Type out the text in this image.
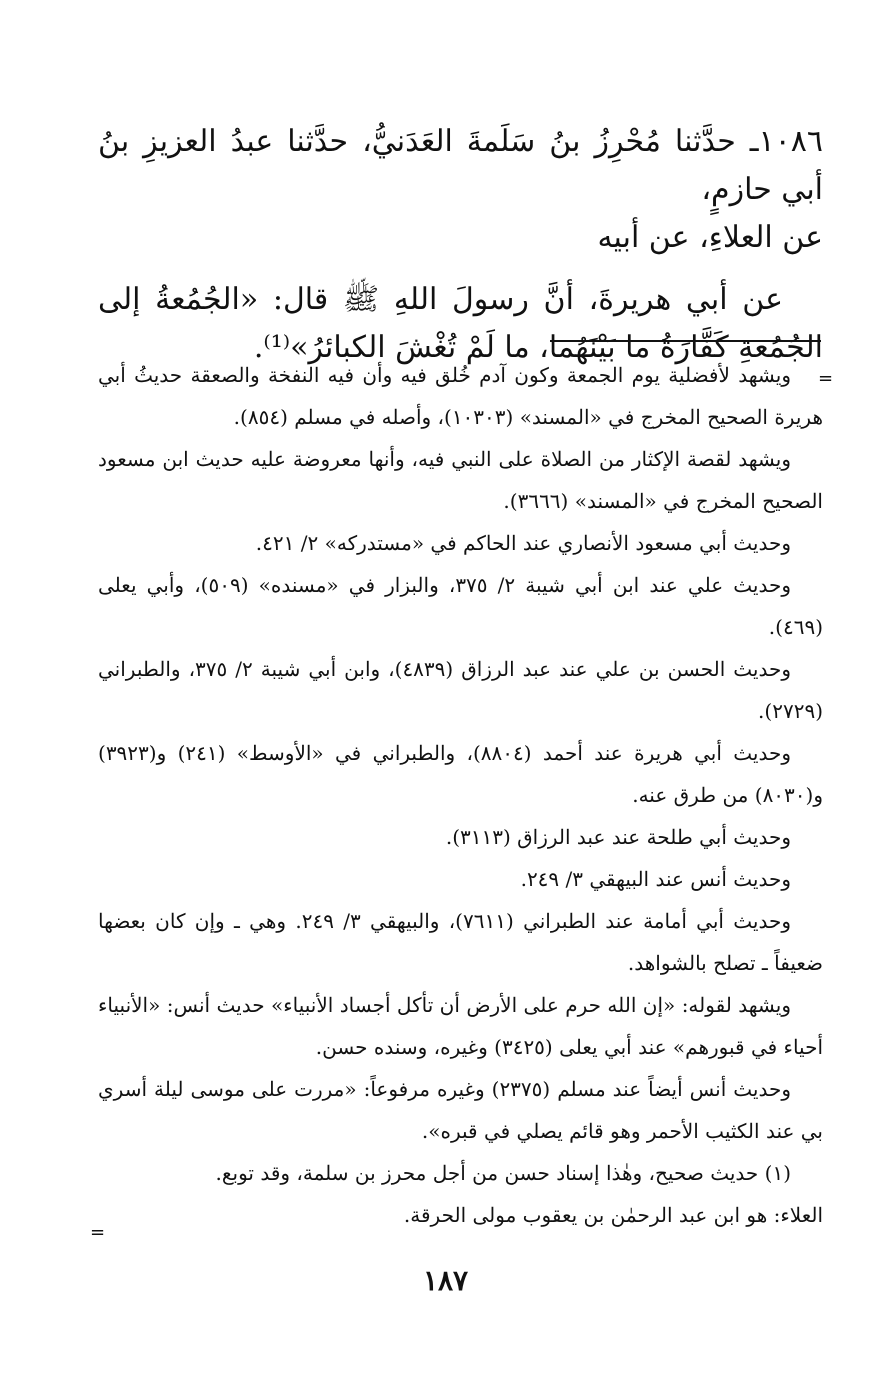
١٠٨٦ـ حدَّثنا مُحْرِزُ بنُ سَلَمةَ العَدَنيُّ، حدَّثنا عبدُ العزيزِ بنُ أبي حازمٍ،
عن العلاءِ، عن أبيه

عن أبي هريرةَ، أنَّ رسولَ اللهِ ﷺ قال: «الجُمُعةُ إلى الجُمُعةِ كَفَّارَةُ ما بَيْنَهُما، ما لَمْ تُغْشَ الكبائرُ»⁽¹⁾.

=

ويشهد لأفضلية يوم الجمعة وكون آدم خُلق فيه وأن فيه النفخة والصعقة حديثُ أبي هريرة الصحيح المخرج في «المسند» (١٠٣٠٣)، وأصله في مسلم (٨٥٤).

ويشهد لقصة الإكثار من الصلاة على النبي فيه، وأنها معروضة عليه حديث ابن مسعود الصحيح المخرج في «المسند» (٣٦٦٦).

وحديث أبي مسعود الأنصاري عند الحاكم في «مستدركه» ٢/ ٤٢١.

وحديث علي عند ابن أبي شيبة ٢/ ٣٧٥، والبزار في «مسنده» (٥٠٩)، وأبي يعلى (٤٦٩).

وحديث الحسن بن علي عند عبد الرزاق (٤٨٣٩)، وابن أبي شيبة ٢/ ٣٧٥، والطبراني (٢٧٢٩).

وحديث أبي هريرة عند أحمد (٨٨٠٤)، والطبراني في «الأوسط» (٢٤١) و(٣٩٢٣) و(٨٠٣٠) من طرق عنه.

وحديث أبي طلحة عند عبد الرزاق (٣١١٣).

وحديث أنس عند البيهقي ٣/ ٢٤٩.

وحديث أبي أمامة عند الطبراني (٧٦١١)، والبيهقي ٣/ ٢٤٩. وهي ـ وإن كان بعضها ضعيفاً ـ تصلح بالشواهد.

ويشهد لقوله: «إن الله حرم على الأرض أن تأكل أجساد الأنبياء» حديث أنس: «الأنبياء أحياء في قبورهم» عند أبي يعلى (٣٤٢٥) وغيره، وسنده حسن.

وحديث أنس أيضاً عند مسلم (٢٣٧٥) وغيره مرفوعاً: «مررت على موسى ليلة أسري بي عند الكثيب الأحمر وهو قائم يصلي في قبره».

(١) حديث صحيح، وهٰذا إسناد حسن من أجل محرز بن سلمة، وقد توبع.

العلاء: هو ابن عبد الرحمٰن بن يعقوب مولى الحرقة.

=
١٨٧
